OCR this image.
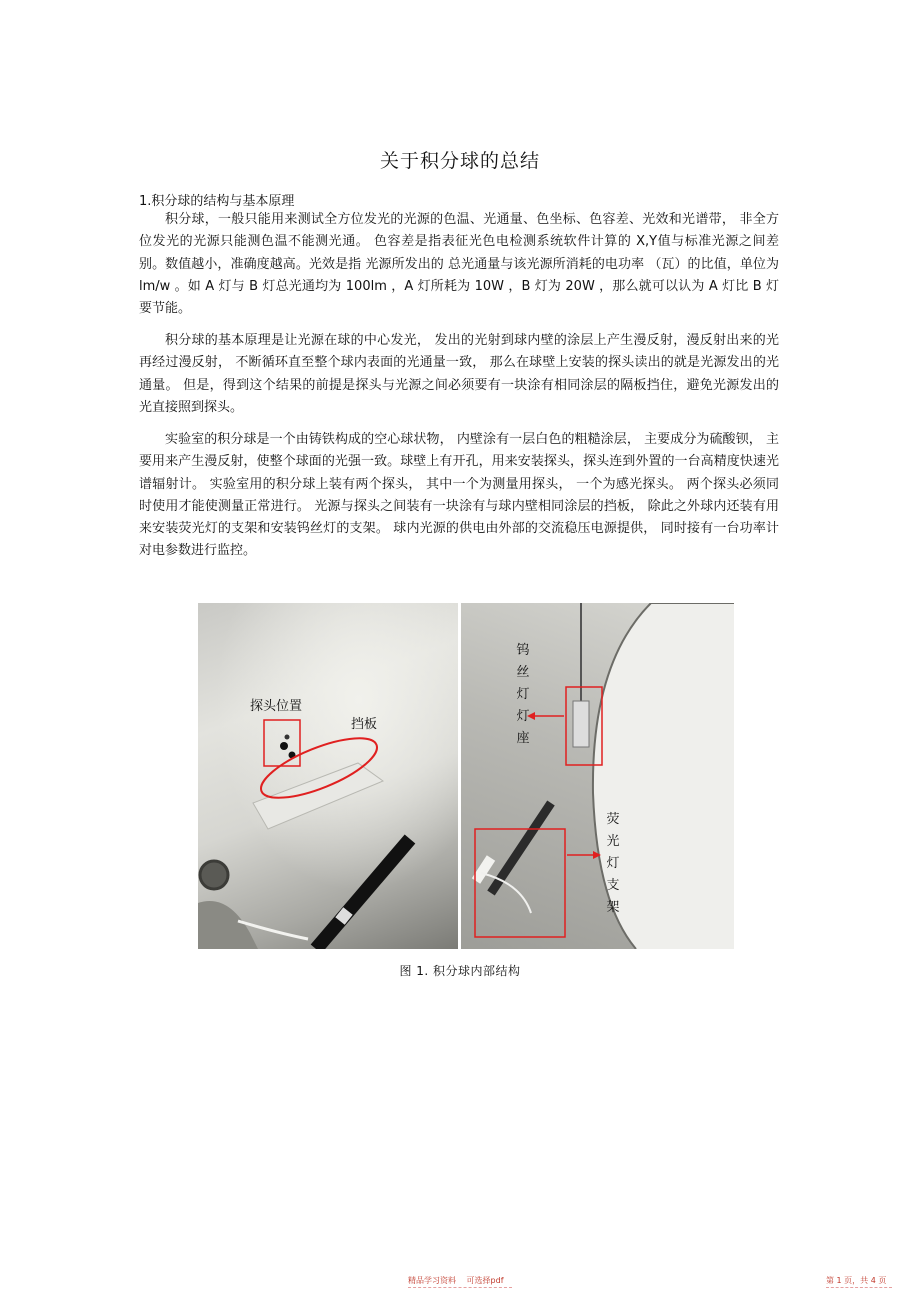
关于积分球的总结
1.积分球的结构与基本原理

积分球，一般只能用来测试全方位发光的光源的色温、光通量、色坐标、色容差、光效和光谱带， 非全方位发光的光源只能测色温不能测光通。 色容差是指表征光色电检测系统软件计算的 X,Y值与标准光源之间差别。数值越小，准确度越高。光效是指 光源所发出的 总光通量与该光源所消耗的电功率 （瓦）的比值，单位为 lm/w 。如 A 灯与 B 灯总光通均为 100lm ，A 灯所耗为 10W ，B 灯为 20W ，那么就可以认为 A 灯比 B 灯要节能。

积分球的基本原理是让光源在球的中心发光， 发出的光射到球内壁的涂层上产生漫反射，漫反射出来的光再经过漫反射， 不断循环直至整个球内表面的光通量一致， 那么在球壁上安装的探头读出的就是光源发出的光通量。 但是，得到这个结果的前提是探头与光源之间必须要有一块涂有相同涂层的隔板挡住，避免光源发出的光直接照到探头。

实验室的积分球是一个由铸铁构成的空心球状物， 内壁涂有一层白色的粗糙涂层， 主要成分为硫酸钡， 主要用来产生漫反射，使整个球面的光强一致。球壁上有开孔，用来安装探头，探头连到外置的一台高精度快速光谱辐射计。 实验室用的积分球上装有两个探头， 其中一个为测量用探头， 一个为感光探头。 两个探头必须同时使用才能使测量正常进行。 光源与探头之间装有一块涂有与球内壁相同涂层的挡板， 除此之外球内还装有用来安装荧光灯的支架和安装钨丝灯的支架。 球内光源的供电由外部的交流稳压电源提供， 同时接有一台功率计对电参数进行监控。

探头位置
挡板
钨丝灯灯座
荧光灯支架
图 1. 积分球内部结构
精品学习资料　 可选择pdf	第 1 页，共 4 页
